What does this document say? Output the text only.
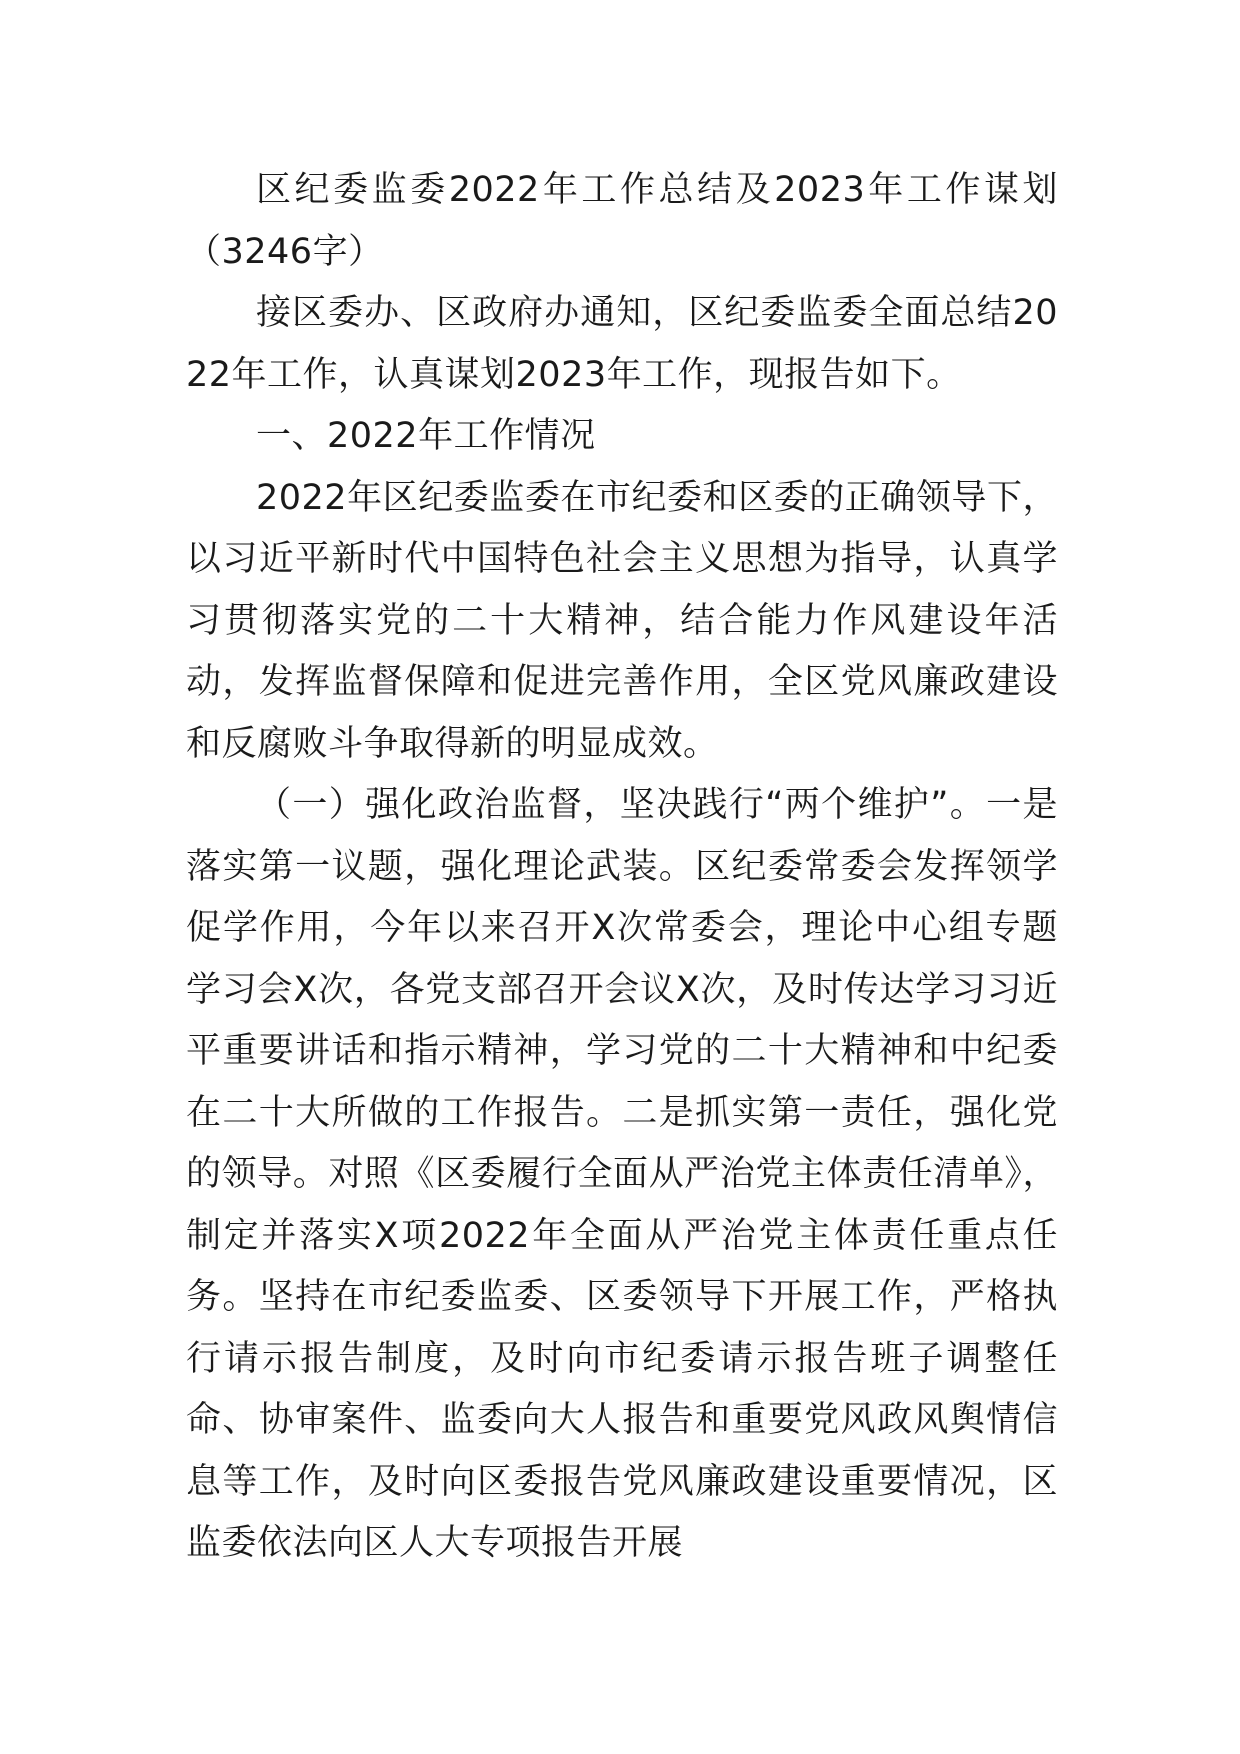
区纪委监委2022年工作总结及2023年工作谋划（3246字）

接区委办、区政府办通知，区纪委监委全面总结2022年工作，认真谋划2023年工作，现报告如下。

一、2022年工作情况

2022年区纪委监委在市纪委和区委的正确领导下，以习近平新时代中国特色社会主义思想为指导，认真学习贯彻落实党的二十大精神，结合能力作风建设年活动，发挥监督保障和促进完善作用，全区党风廉政建设和反腐败斗争取得新的明显成效。

（一）强化政治监督，坚决践行“两个维护”。一是落实第一议题，强化理论武装。区纪委常委会发挥领学促学作用，今年以来召开X次常委会，理论中心组专题学习会X次，各党支部召开会议X次，及时传达学习习近平重要讲话和指示精神，学习党的二十大精神和中纪委在二十大所做的工作报告。二是抓实第一责任，强化党的领导。对照《区委履行全面从严治党主体责任清单》，制定并落实X项2022年全面从严治党主体责任重点任务。坚持在市纪委监委、区委领导下开展工作，严格执行请示报告制度，及时向市纪委请示报告班子调整任命、协审案件、监委向大人报告和重要党风政风舆情信息等工作，及时向区委报告党风廉政建设重要情况，区监委依法向区人大专项报告开展
